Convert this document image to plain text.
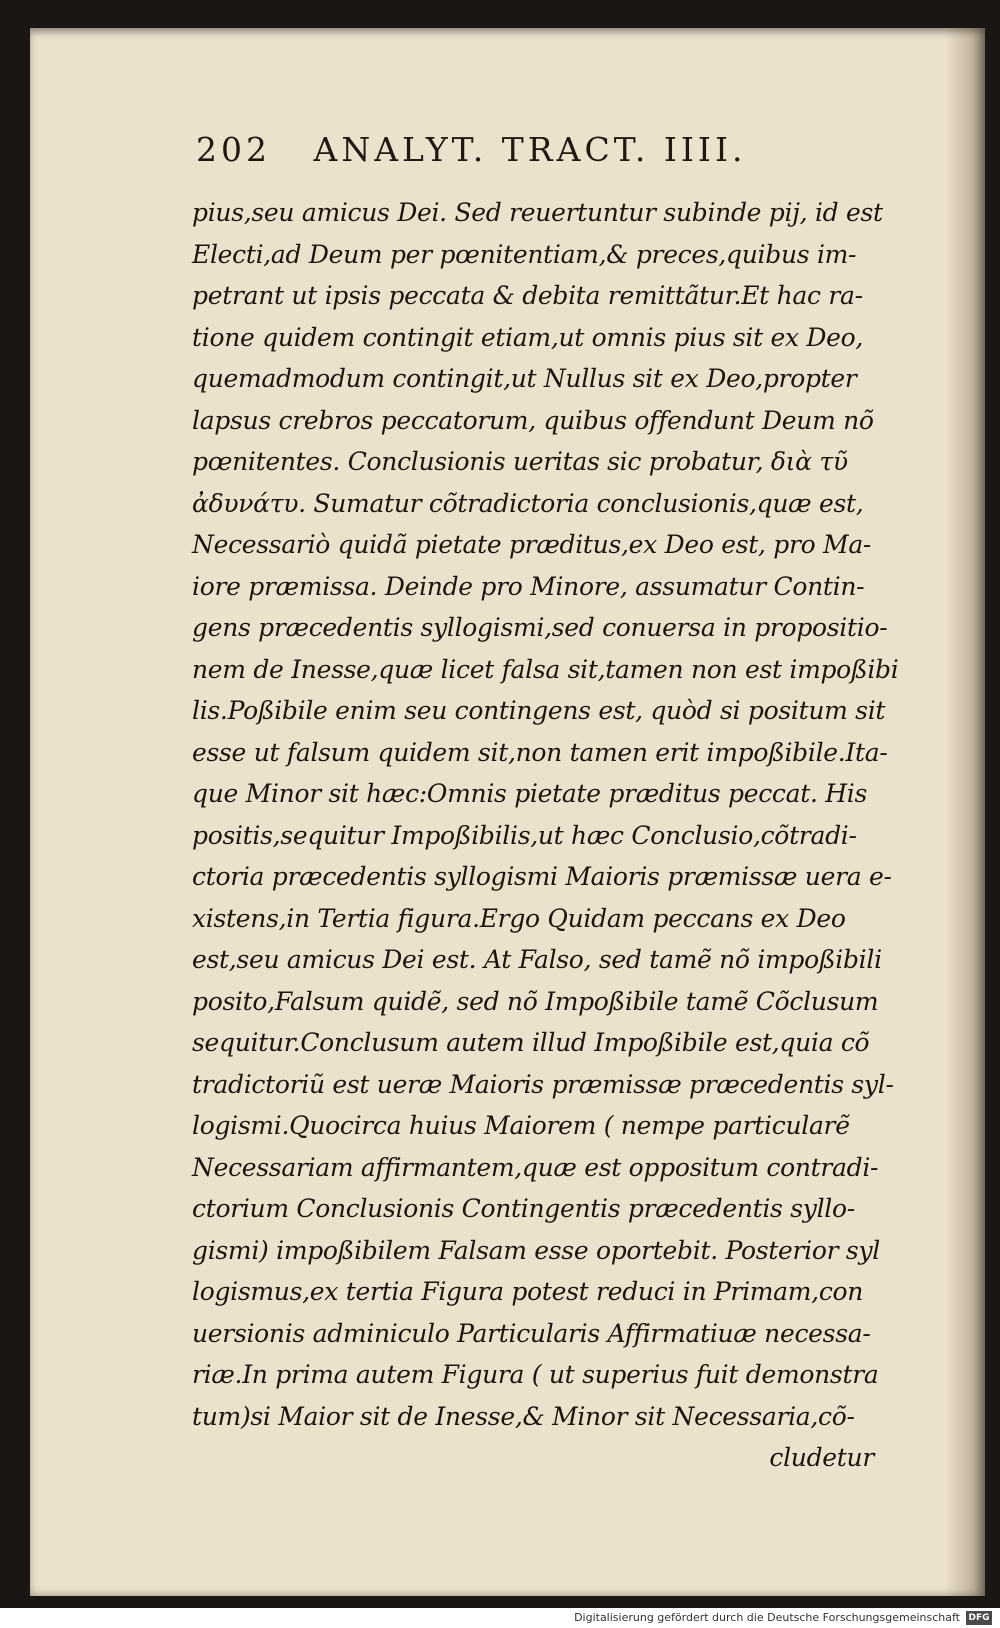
202 ANALYT. TRACT. IIII.
pius,seu amicus Dei. Sed reuertuntur subinde pij, id est
Electi,ad Deum per pœnitentiam,& preces,quibus im-
petrant ut ipsis peccata & debita remittãtur.Et hac ra-
tione quidem contingit etiam,ut omnis pius sit ex Deo,
quemadmodum contingit,ut Nullus sit ex Deo,propter
lapsus crebros peccatorum, quibus offendunt Deum nõ
pœnitentes. Conclusionis ueritas sic probatur, διὰ τῦ
ἀδυνάτυ. Sumatur cõtradictoria conclusionis,quæ est,
Necessariò quidã pietate præditus,ex Deo est, pro Ma-
iore præmissa. Deinde pro Minore, assumatur Contin-
gens præcedentis syllogismi,sed conuersa in propositio-
nem de Inesse,quæ licet falsa sit,tamen non est impoßibi
lis.Poßibile enim seu contingens est, quòd si positum sit
esse ut falsum quidem sit,non tamen erit impoßibile.Ita-
que Minor sit hæc:Omnis pietate præditus peccat. His
positis,sequitur Impoßibilis,ut hæc Conclusio,cõtradi-
ctoria præcedentis syllogismi Maioris præmissæ uera e-
xistens,in Tertia figura.Ergo Quidam peccans ex Deo
est,seu amicus Dei est. At Falso, sed tamẽ nõ impoßibili
posito,Falsum quidẽ, sed nõ Impoßibile tamẽ Cõclusum
sequitur.Conclusum autem illud Impoßibile est,quia cõ
tradictoriũ est ueræ Maioris præmissæ præcedentis syl-
logismi.Quocirca huius Maiorem ( nempe particularẽ
Necessariam affirmantem,quæ est oppositum contradi-
ctorium Conclusionis Contingentis præcedentis syllo-
gismi) impoßibilem Falsam esse oportebit. Posterior syl
logismus,ex tertia Figura potest reduci in Primam,con
uersionis adminiculo Particularis Affirmatiuæ necessa-
riæ.In prima autem Figura ( ut superius fuit demonstra
tum)si Maior sit de Inesse,& Minor sit Necessaria,cõ-
cludetur
Digitalisierung gefördert durch die Deutsche Forschungsgemeinschaft DFG
